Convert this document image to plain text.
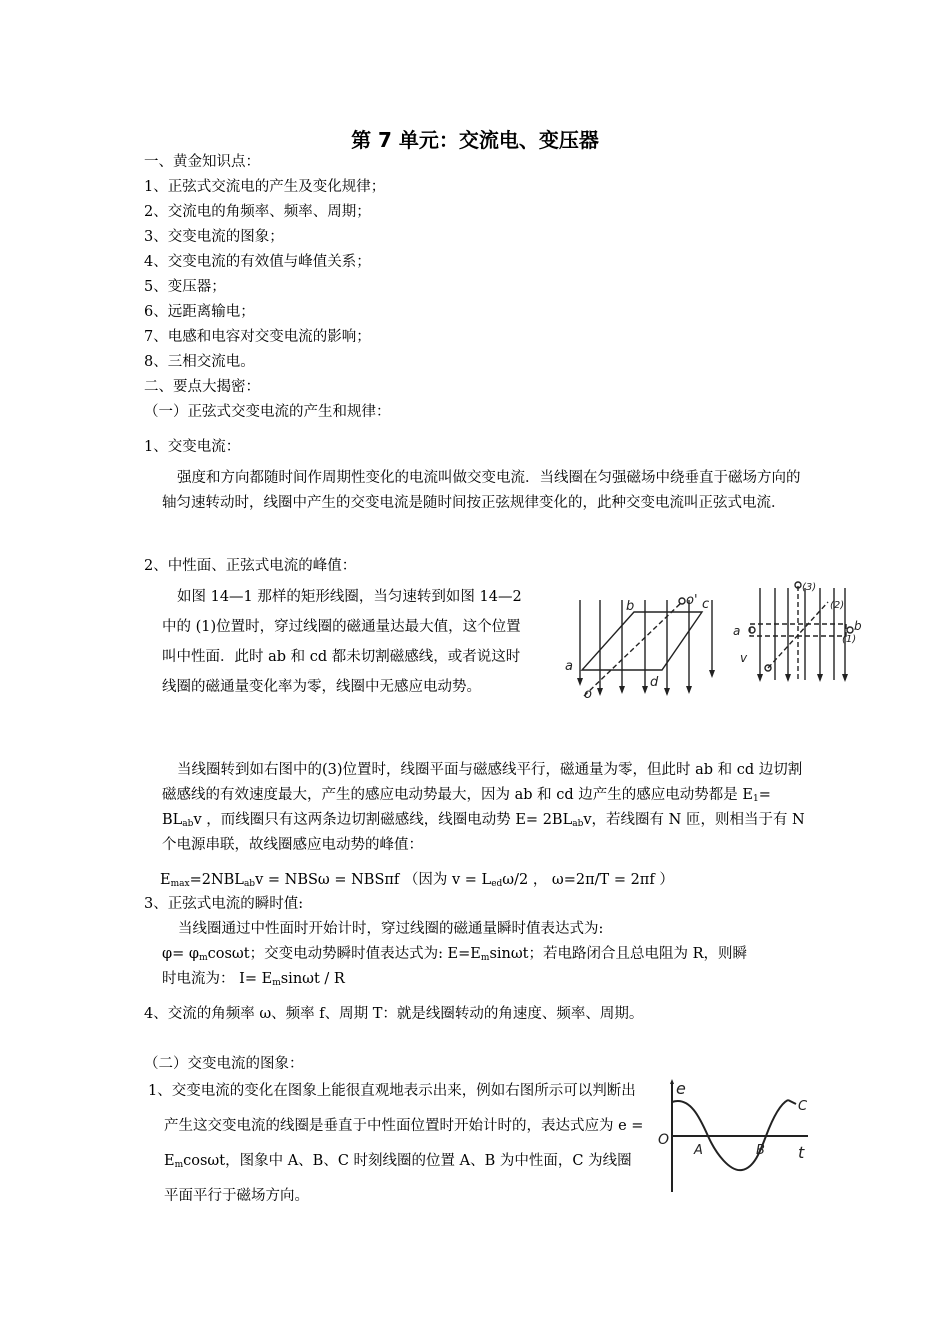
第 7 单元：交流电、变压器
一、黄金知识点：
1、正弦式交流电的产生及变化规律；
2、交流电的角频率、频率、周期；
3、交变电流的图象；
4、交变电流的有效值与峰值关系；
5、变压器；
6、远距离输电；
7、电感和电容对交变电流的影响；
8、三相交流电。
二、要点大揭密：
（一）正弦式交变电流的产生和规律：
1、交变电流：
强度和方向都随时间作周期性变化的电流叫做交变电流．当线圈在匀强磁场中绕垂直于磁场方向的轴匀速转动时，线圈中产生的交变电流是随时间按正弦规律变化的，此种交变电流叫正弦式电流．
2、中性面、正弦式电流的峰值：
如图 14—1 那样的矩形线圈，当匀速转到如图 14—2 中的 (1)位置时，穿过线圈的磁通量达最大值，这个位置叫中性面．此时 ab 和 cd 都未切割磁感线，或者说这时线圈的磁通量变化率为零，线圈中无感应电动势。
a
b	c
d
o
o'
a	b
(1)
(2)
(3)
v
当线圈转到如右图中的(3)位置时，线圈平面与磁感线平行，磁通量为零，但此时 ab 和 cd 边切割磁感线的有效速度最大，产生的感应电动势最大，因为 ab 和 cd 边产生的感应电动势都是 $E_1= BL_{ab}v$ ，而线圈只有这两条边切割磁感线，线圈电动势 $E= 2BL_{ab}v$，若线圈有 N 匝，则相当于有 N 个电源串联，故线圈感应电动势的峰值：
$E_{max}=2NBL_{ab}v = NBS\omega = NBS\pi f$ （因为 $v = L_{ed}\omega/2$ ， ω=2π/T = 2πf ）
3、正弦式电流的瞬时值:
当线圈通过中性面时开始计时，穿过线圈的磁通量瞬时值表达式为:
$\varphi= \varphi_m\cos\omega t$；交变电动势瞬时值表达式为: $E=E_m\sin\omega t$；若电路闭合且总电阻为 R，则瞬
时电流为： $I= E_m\sin\omega t / R$
4、交流的角频率 ω、频率 f、周期 T：就是线圈转动的角速度、频率、周期。
（二）交变电流的图象：
1、交变电流的变化在图象上能很直观地表示出来，例如右图所示可以判断出产生这交变电流的线圈是垂直于中性面位置时开始计时的，表达式应为 $e = E_m\cos\omega t$，图象中 A、B、C 时刻线圈的位置 A、B 为中性面，C 为线圈平面平行于磁场方向。
e
t
O
A	B
C
